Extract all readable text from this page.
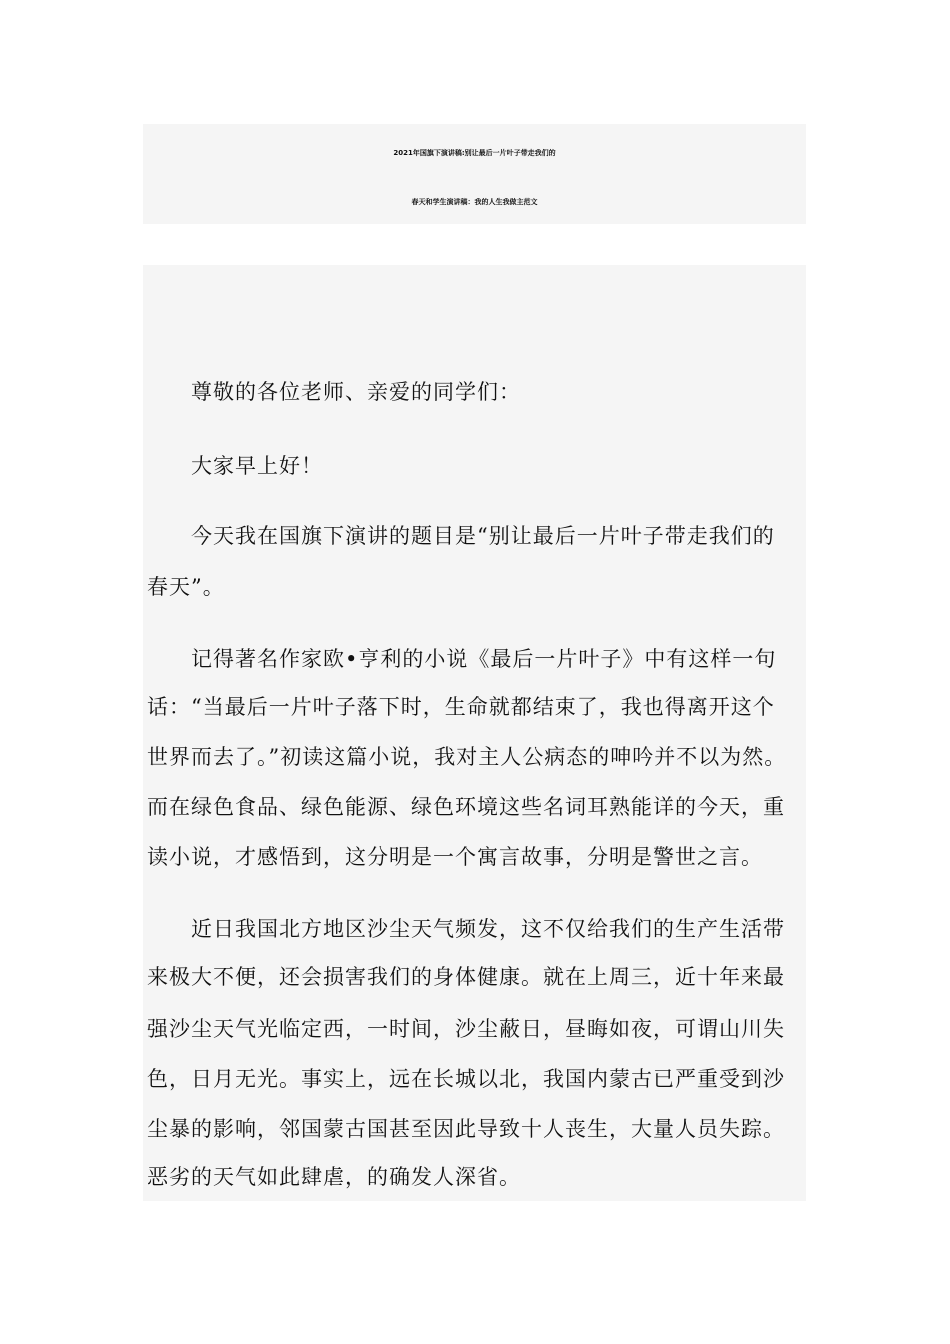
2021年国旗下演讲稿:别让最后一片叶子带走我们的
春天和学生演讲稿：我的人生我做主范文
尊敬的各位老师、亲爱的同学们：
大家早上好！
今天我在国旗下演讲的题目是“别让最后一片叶子带走我们的
春天”。
记得著名作家欧•亨利的小说《最后一片叶子》中有这样一句
话：“当最后一片叶子落下时，生命就都结束了，我也得离开这个
世界而去了。”初读这篇小说，我对主人公病态的呻吟并不以为然。
而在绿色食品、绿色能源、绿色环境这些名词耳熟能详的今天，重
读小说，才感悟到，这分明是一个寓言故事，分明是警世之言。
近日我国北方地区沙尘天气频发，这不仅给我们的生产生活带
来极大不便，还会损害我们的身体健康。就在上周三，近十年来最
强沙尘天气光临定西，一时间，沙尘蔽日，昼晦如夜，可谓山川失
色，日月无光。事实上，远在长城以北，我国内蒙古已严重受到沙
尘暴的影响，邻国蒙古国甚至因此导致十人丧生，大量人员失踪。
恶劣的天气如此肆虐，的确发人深省。
